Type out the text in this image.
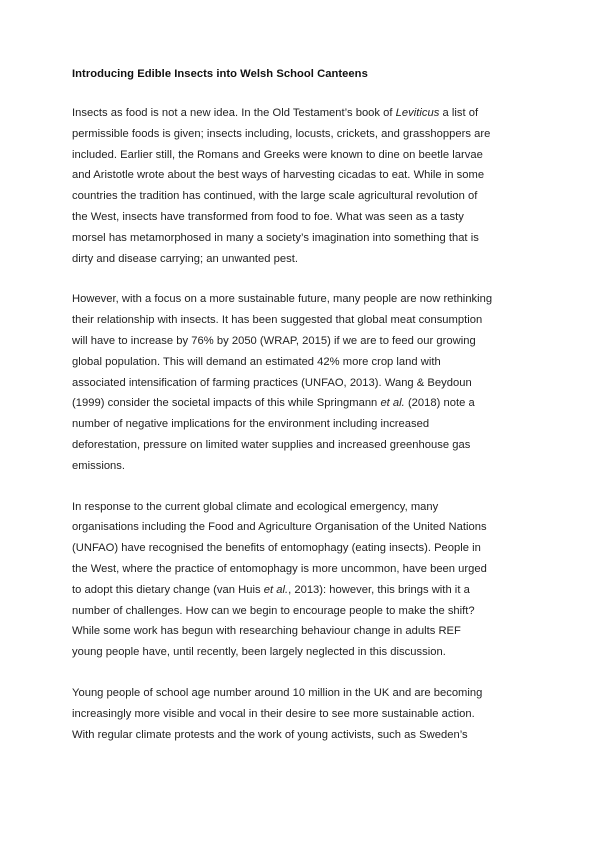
Introducing Edible Insects into Welsh School Canteens

Insects as food is not a new idea. In the Old Testament’s book of Leviticus a list of
permissible foods is given; insects including, locusts, crickets, and grasshoppers are
included. Earlier still, the Romans and Greeks were known to dine on beetle larvae
and Aristotle wrote about the best ways of harvesting cicadas to eat. While in some
countries the tradition has continued, with the large scale agricultural revolution of
the West, insects have transformed from food to foe. What was seen as a tasty
morsel has metamorphosed in many a society’s imagination into something that is
dirty and disease carrying; an unwanted pest.

However, with a focus on a more sustainable future, many people are now rethinking
their relationship with insects. It has been suggested that global meat consumption
will have to increase by 76% by 2050 (WRAP, 2015) if we are to feed our growing
global population. This will demand an estimated 42% more crop land with
associated intensification of farming practices (UNFAO, 2013). Wang & Beydoun
(1999) consider the societal impacts of this while Springmann et al. (2018) note a
number of negative implications for the environment including increased
deforestation, pressure on limited water supplies and increased greenhouse gas
emissions.

In response to the current global climate and ecological emergency, many
organisations including the Food and Agriculture Organisation of the United Nations
(UNFAO) have recognised the benefits of entomophagy (eating insects). People in
the West, where the practice of entomophagy is more uncommon, have been urged
to adopt this dietary change (van Huis et al., 2013): however, this brings with it a
number of challenges. How can we begin to encourage people to make the shift?
While some work has begun with researching behaviour change in adults REF
young people have, until recently, been largely neglected in this discussion.

Young people of school age number around 10 million in the UK and are becoming
increasingly more visible and vocal in their desire to see more sustainable action.
With regular climate protests and the work of young activists, such as Sweden’s
